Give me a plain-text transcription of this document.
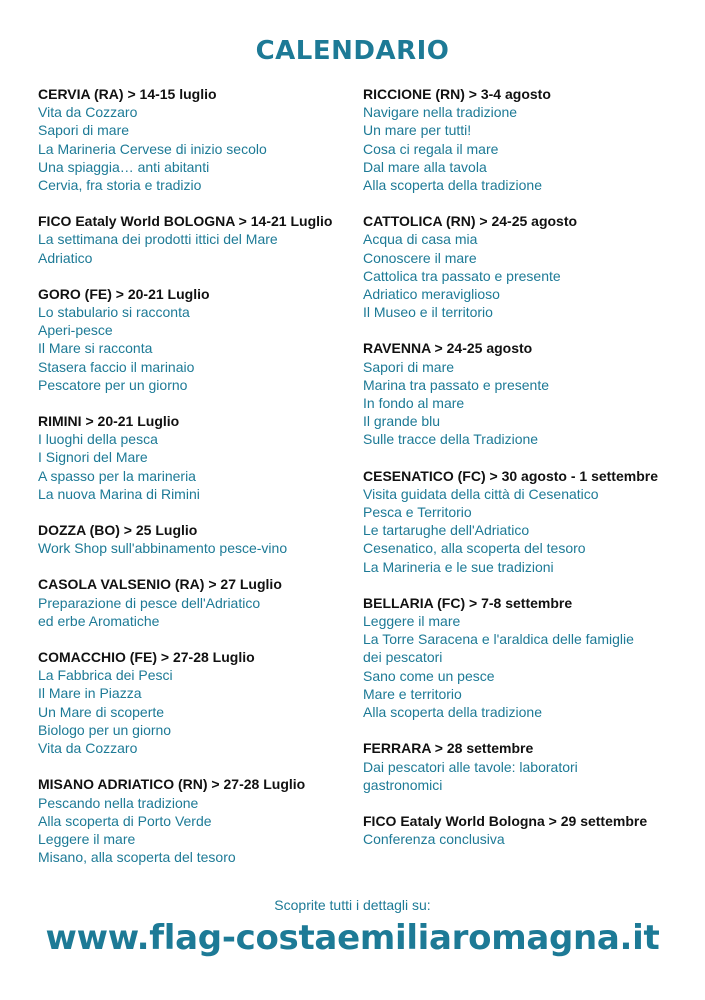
CALENDARIO
CERVIA (RA) > 14-15 luglio
Vita da Cozzaro
Sapori di mare
La Marineria Cervese di inizio secolo
Una spiaggia… anti abitanti
Cervia, fra storia e tradizio
FICO Eataly World BOLOGNA > 14-21 Luglio
La settimana dei prodotti ittici del Mare
Adriatico
GORO (FE) > 20-21 Luglio
Lo stabulario si racconta
Aperi-pesce
Il Mare si racconta
Stasera faccio il marinaio
Pescatore per un giorno
RIMINI > 20-21 Luglio
I luoghi della pesca
I Signori del Mare
A spasso per la marineria
La nuova Marina di Rimini
DOZZA (BO) > 25 Luglio
Work Shop sull'abbinamento pesce-vino
CASOLA VALSENIO (RA) > 27 Luglio
Preparazione di pesce dell'Adriatico
ed erbe Aromatiche
COMACCHIO (FE) > 27-28 Luglio
La Fabbrica dei Pesci
Il Mare in Piazza
Un Mare di scoperte
Biologo per un giorno
Vita da Cozzaro
MISANO ADRIATICO (RN) > 27-28 Luglio
Pescando nella tradizione
Alla scoperta di Porto Verde
Leggere il mare
Misano, alla scoperta del tesoro
RICCIONE (RN) > 3-4 agosto
Navigare nella tradizione
Un mare per tutti!
Cosa ci regala il mare
Dal mare alla tavola
Alla scoperta della tradizione
CATTOLICA (RN) > 24-25 agosto
Acqua di casa mia
Conoscere il mare
Cattolica tra passato e presente
Adriatico meraviglioso
Il Museo e il territorio
RAVENNA > 24-25 agosto
Sapori di mare
Marina tra passato e presente
In fondo al mare
Il grande blu
Sulle tracce della Tradizione
CESENATICO (FC) > 30 agosto - 1 settembre
Visita guidata della città di Cesenatico
Pesca e Territorio
Le tartarughe dell'Adriatico
Cesenatico, alla scoperta del tesoro
La Marineria e le sue tradizioni
BELLARIA (FC) > 7-8 settembre
Leggere il mare
La Torre Saracena e l'araldica delle famiglie
dei pescatori
Sano come un pesce
Mare e territorio
Alla scoperta della tradizione
FERRARA > 28 settembre
Dai pescatori alle tavole: laboratori
gastronomici
FICO Eataly World Bologna > 29 settembre
Conferenza conclusiva
Scoprite tutti i dettagli su:
www.flag-costaemiliaromagna.it
